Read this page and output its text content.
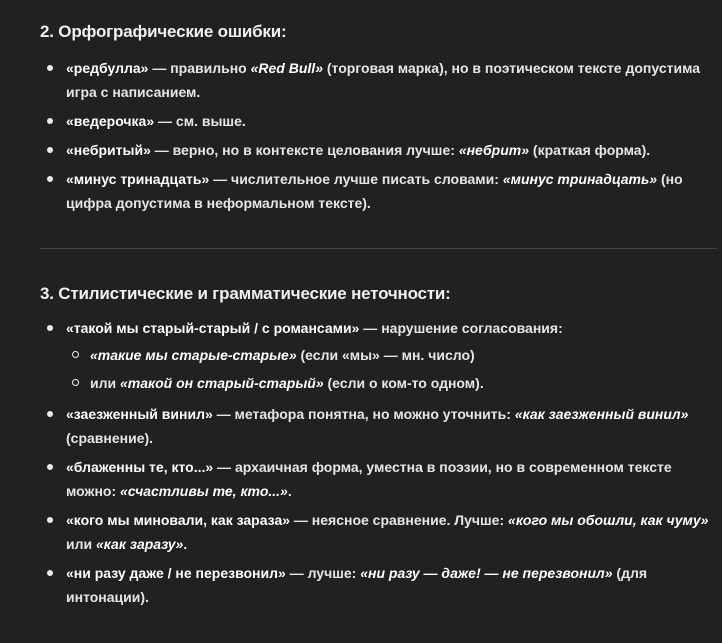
2. Орфографические ошибки:
«редбулла» — правильно «Red Bull» (торговая марка), но в поэтическом тексте допустима игра с написанием.
«ведерочка» — см. выше.
«небритый» — верно, но в контексте целования лучше: «небрит» (краткая форма).
«минус тринадцать» — числительное лучше писать словами: «минус тринадцать» (но цифра допустима в неформальном тексте).
3. Стилистические и грамматические неточности:
«такой мы старый-старый / с романсами» — нарушение согласования:
«такие мы старые-старые» (если «мы» — мн. число)
или «такой он старый-старый» (если о ком-то одном).
«заезженный винил» — метафора понятна, но можно уточнить: «как заезженный винил» (сравнение).
«блаженны те, кто...» — архаичная форма, уместна в поэзии, но в современном тексте можно: «счастливы те, кто...».
«кого мы миновали, как зараза» — неясное сравнение. Лучше: «кого мы обошли, как чуму» или «как заразу».
«ни разу даже / не перезвонил» — лучше: «ни разу — даже! — не перезвонил» (для интонации).
